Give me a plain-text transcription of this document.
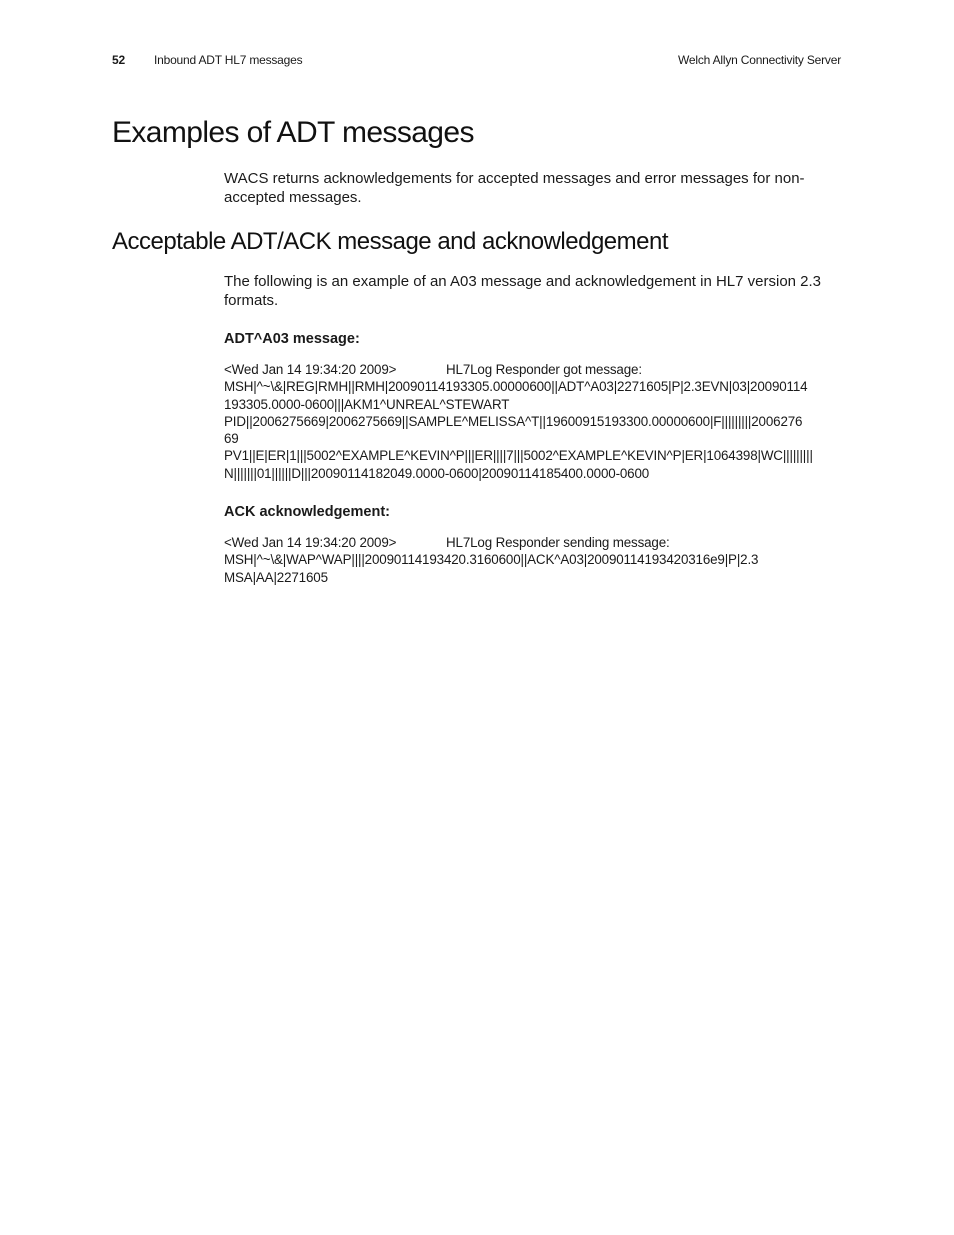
52 Inbound ADT HL7 messages	Welch Allyn Connectivity Server
Examples of ADT messages

WACS returns acknowledgements for accepted messages and error messages for non-accepted messages.

Acceptable ADT/ACK message and acknowledgement

The following is an example of an A03 message and acknowledgement in HL7 version 2.3 formats.

ADT^A03 message:
<Wed Jan 14 19:34:20 2009>	HL7Log Responder got message:
MSH|^~\&|REG|RMH||RMH|20090114193305.00000600||ADT^A03|2271605|P|2.3EVN|03|20090114
193305.0000-0600|||AKM1^UNREAL^STEWART
PID||2006275669|2006275669||SAMPLE^MELISSA^T||19600915193300.00000600|F|||||||||2006276
69
PV1||E|ER|1|||5002^EXAMPLE^KEVIN^P|||ER||||7|||5002^EXAMPLE^KEVIN^P|ER|1064398|WC|||||||||
N|||||||01||||||D|||20090114182049.0000-0600|20090114185400.0000-0600
ACK acknowledgement:
<Wed Jan 14 19:34:20 2009>	HL7Log Responder sending message:
MSH|^~\&|WAP^WAP||||20090114193420.3160600||ACK^A03|20090114193420316e9|P|2.3
MSA|AA|2271605
